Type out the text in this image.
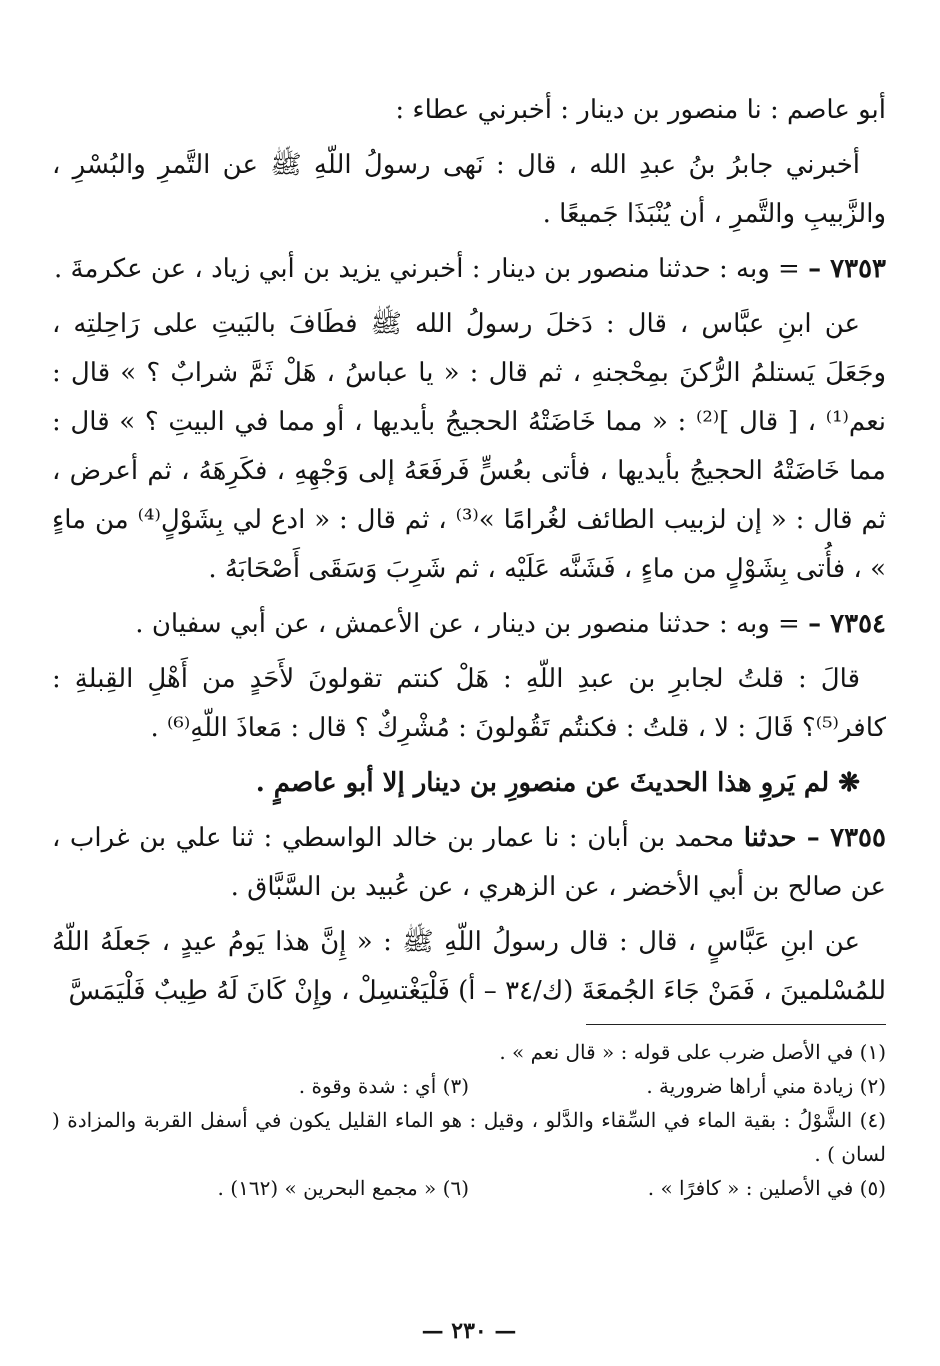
أبو عاصم : نا منصور بن دينار : أخبرني عطاء :

أخبرني جابرُ بنُ عبدِ الله ، قال : نَهى رسولُ اللّهِ ﷺ عن التَّمرِ والبُسْرِ ، والزَّبيبِ والتَّمرِ ، أن يُنْبَذَا جَميعًا .

٧٣٥٣ – = وبه : حدثنا منصور بن دينار : أخبرني يزيد بن أبي زياد ، عن عكرمةَ .

عن ابنِ عبَّاس ، قال : دَخلَ رسولُ الله ﷺ فطَافَ بالبَيتِ على رَاحِلتِه ، وجَعَلَ يَستلمُ الرُّكنَ بمِحْجنهِ ، ثم قال : « يا عباسُ ، هَلْ ثَمَّ شرابٌ ؟ » قال : نعم⁽¹⁾ ، [ قال ]⁽²⁾ : « مما خَاضَتْهُ الحجيجُ بأيديها ، أو مما في البيتِ ؟ » قال : مما خَاضَتْهُ الحجيجُ بأيديها ، فأتى بعُسٍّ فَرفَعَهُ إلى وَجْهِهِ ، فكَرِهَهُ ، ثم أعرض ، ثم قال : « إن لزبيب الطائف لغُرامًا »⁽³⁾ ، ثم قال : « ادع لي بِشَوْلٍ⁽⁴⁾ من ماءٍ » ، فأُتى بِشَوْلٍ من ماءٍ ، فَشَنَّه عَلَيْه ، ثم شَرِبَ وَسَقَى أَصْحَابَهُ .

٧٣٥٤ – = وبه : حدثنا منصور بن دينار ، عن الأعمش ، عن أبي سفيان .

قالَ : قلتُ لجابرِ بن عبدِ اللّهِ : هَلْ كنتم تقولونَ لأَحَدٍ من أَهْلِ القِبلةِ : كافر⁽⁵⁾؟ قَالَ : لا ، قلتُ : فكنتُم تَقُولونَ : مُشْرِكٌ ؟ قال : مَعاذَ اللّهِ⁽⁶⁾ .

❋ لم يَروِ هذا الحديثَ عن منصورِ بن دينار إلا أبو عاصمٍ .

٧٣٥٥ – حدثنا محمد بن أبان : نا عمار بن خالد الواسطي : ثنا علي بن غراب ، عن صالح بن أبي الأخضر ، عن الزهري ، عن عُبيد بن السَّبَّاق .

عن ابنِ عَبَّاسٍ ، قال : قال رسولُ اللّهِ ﷺ : « إِنَّ هذا يَومُ عيدٍ ، جَعلَهُ اللّهُ للمُسْلمينَ ، فَمَنْ جَاءَ الجُمعَةَ (ك/٣٤ – أ) فَلْيَغْتسِلْ ، وإِنْ كَانَ لَهُ طِيبٌ فَلْيَمَسَّ

(١) في الأصل ضرب على قوله : « قال نعم » .
(٢) زيادة مني أراها ضرورية .
(٣) أي : شدة وقوة .
(٤) الشَّوْلُ : بقية الماء في السِّقاء والدَّلو ، وقيل : هو الماء القليل يكون في أسفل القربة والمزادة ( لسان ) .
(٥) في الأصلين : « كافرًا » .
(٦) « مجمع البحرين » (١٦٢) .
— ٢٣٠ —
